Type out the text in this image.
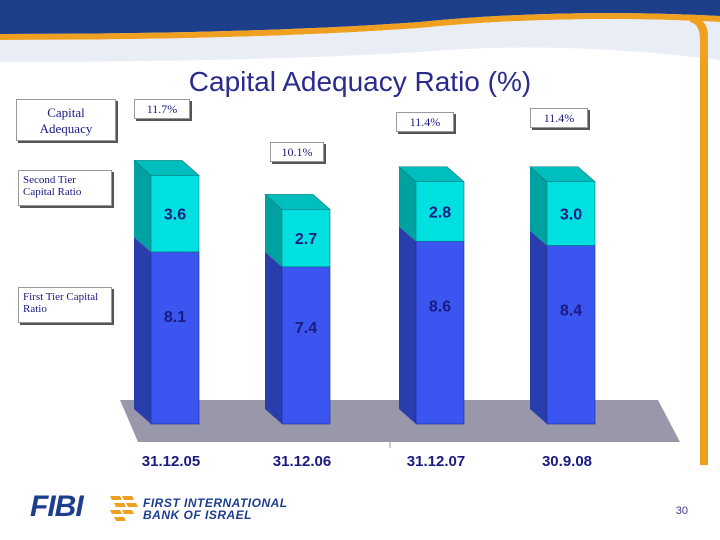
8.1
3.6
31.12.05
7.4
2.7
31.12.06
8.6
2.8
31.12.07
8.4
3.0
30.9.08
Capital Adequacy Ratio (%)
Capital Adequacy
Second Tier Capital Ratio
First Tier Capital Ratio
11.7%
10.1%
11.4%	11.4%
FIBI	FIRST INTERNATIONAL
BANK OF ISRAEL	30
